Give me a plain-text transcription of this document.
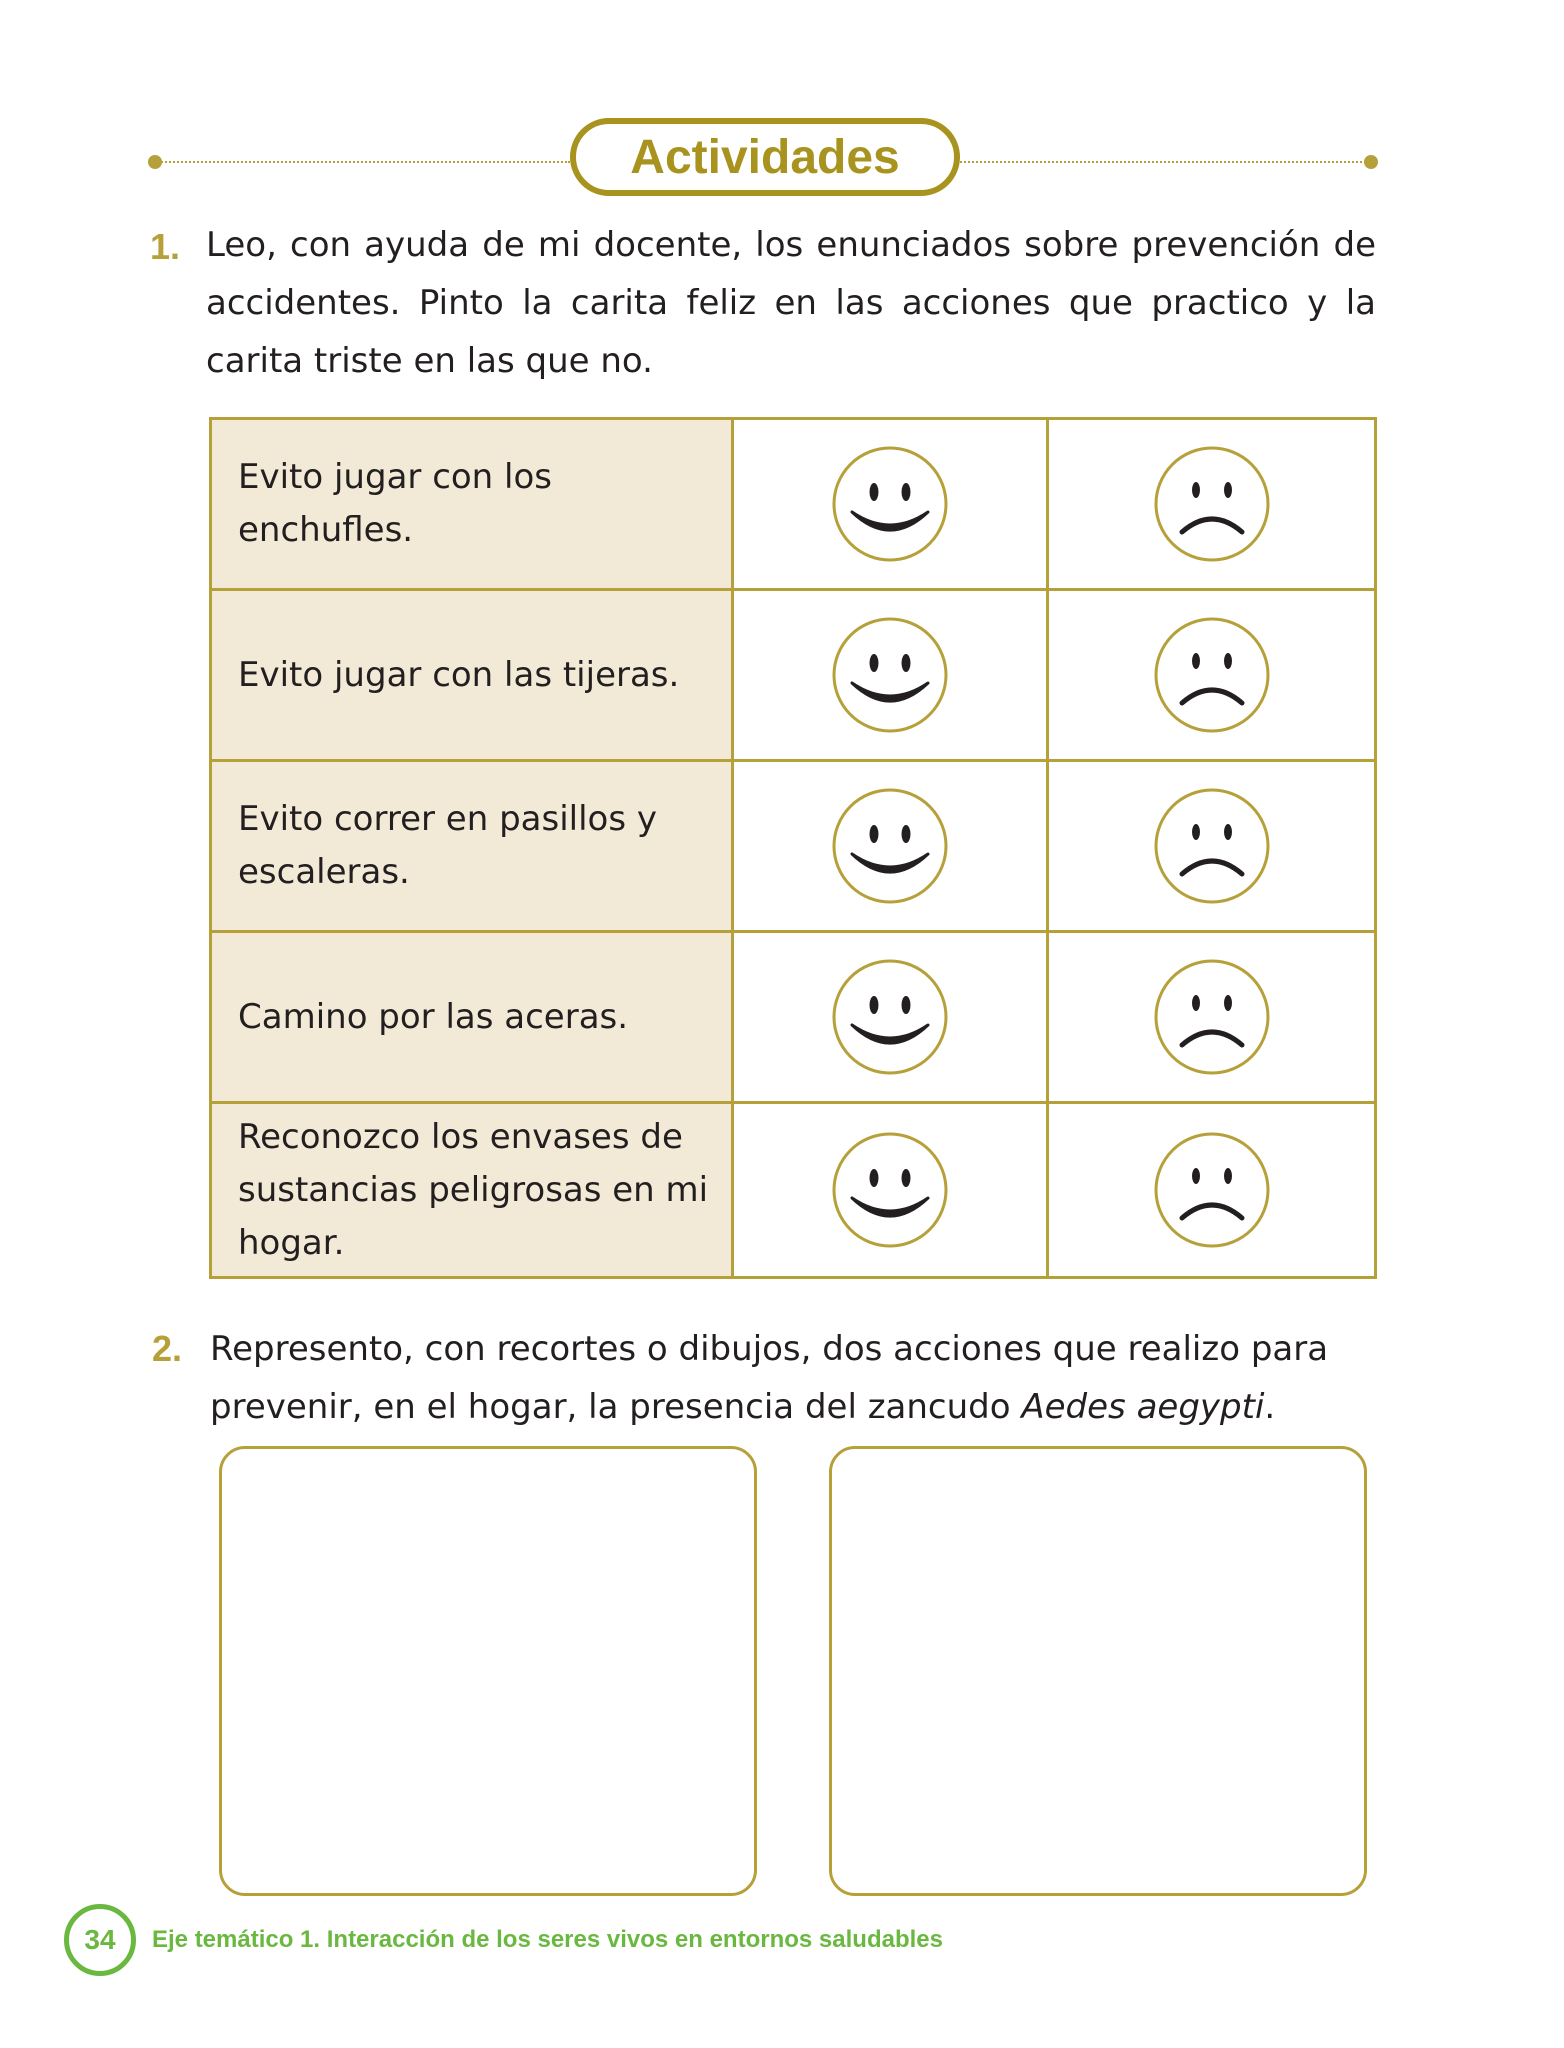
Actividades
1. Leo, con ayuda de mi docente, los enunciados sobre prevención de
accidentes. Pinto la carita feliz en las acciones que practico y la
carita triste en las que no.
Evito jugar con los enchufles.	

Evito jugar con las tijeras.	

Evito correr en pasillos y escaleras.	

Camino por las aceras.	

Reconozco los envases de sustancias peligrosas en mi hogar.	

2. Represento, con recortes o dibujos, dos acciones que realizo para prevenir, en el hogar, la presencia del zancudo Aedes aegypti.
34	Eje temático 1. Interacción de los seres vivos en entornos saludables
